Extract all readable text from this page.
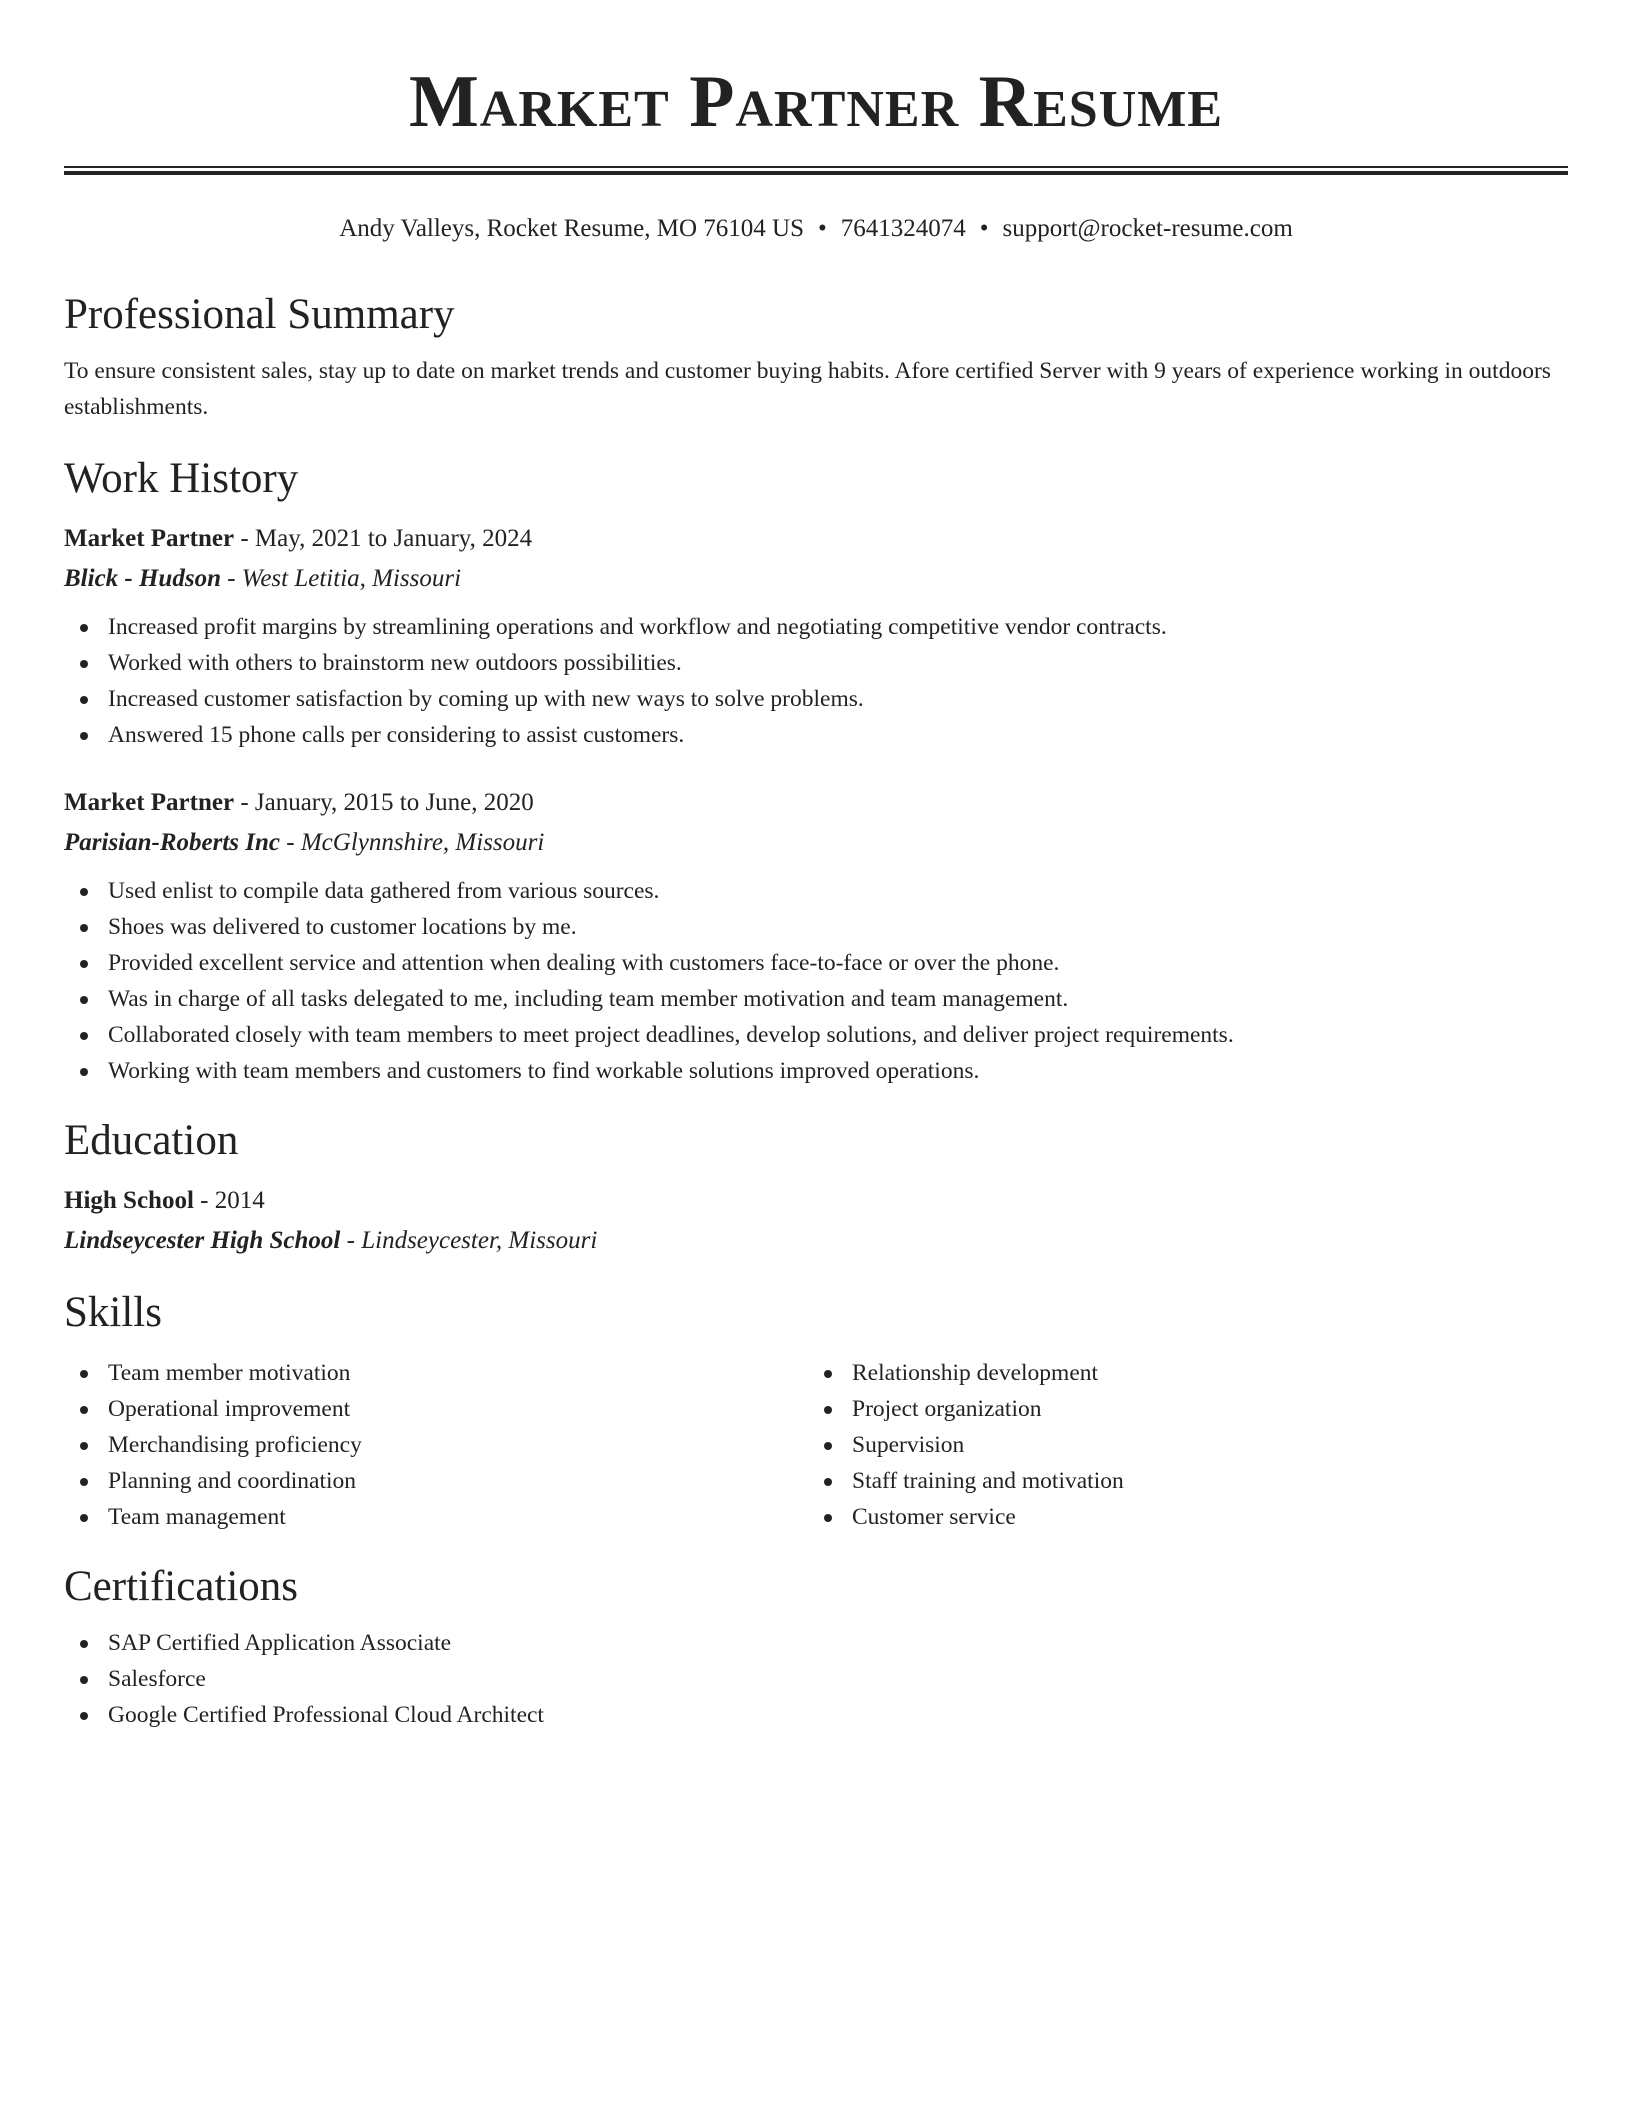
Market Partner Resume
Andy Valleys, Rocket Resume, MO 76104 US • 7641324074 • support@rocket-resume.com
Professional Summary

To ensure consistent sales, stay up to date on market trends and customer buying habits. Afore certified Server with 9 years of experience working in outdoors establishments.

Work History
Market Partner - May, 2021 to January, 2024
Blick - Hudson - West Letitia, Missouri
Increased profit margins by streamlining operations and workflow and negotiating competitive vendor contracts.
Worked with others to brainstorm new outdoors possibilities.
Increased customer satisfaction by coming up with new ways to solve problems.
Answered 15 phone calls per considering to assist customers.
Market Partner - January, 2015 to June, 2020
Parisian-Roberts Inc - McGlynnshire, Missouri
Used enlist to compile data gathered from various sources.
Shoes was delivered to customer locations by me.
Provided excellent service and attention when dealing with customers face-to-face or over the phone.
Was in charge of all tasks delegated to me, including team member motivation and team management.
Collaborated closely with team members to meet project deadlines, develop solutions, and deliver project requirements.
Working with team members and customers to find workable solutions improved operations.
Education
High School - 2014
Lindseycester High School - Lindseycester, Missouri
Skills
Team member motivation
Operational improvement
Merchandising proficiency
Planning and coordination
Team management
Relationship development
Project organization
Supervision
Staff training and motivation
Customer service
Certifications
SAP Certified Application Associate
Salesforce
Google Certified Professional Cloud Architect
